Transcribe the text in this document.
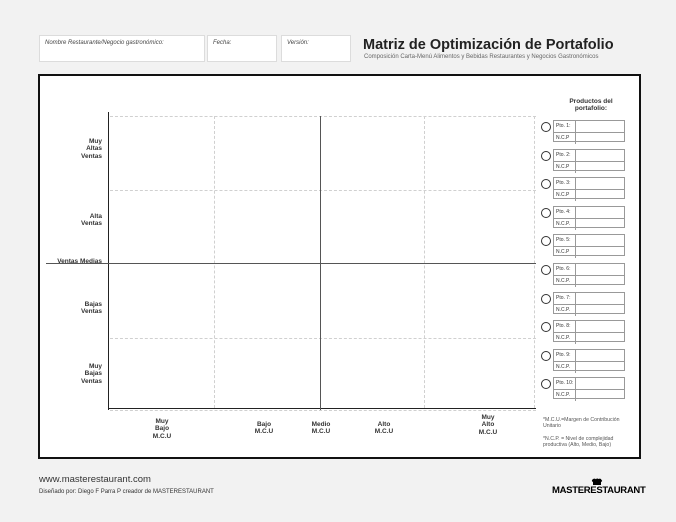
Nombre Restaurante/Negocio gastronómico:	Fecha:	Versión:	Matriz de Optimización de Portafolio
Composición Carta-Menú Alimentos y Bebidas Restaurantes y Negocios Gastronómicos
Muy
Altas
Ventas
Alta
Ventas
Ventas Medias
Bajas
Ventas
Muy
Bajas
Ventas
Muy
Bajo
M.C.U
Bajo
M.C.U
Medio
M.C.U
Alto
M.C.U
Muy
Alto
M.C.U
Productos del
portafolio:
Pto. 1:
N.C.P
Pto. 2:
N.C.P
Pto. 3:
N.C.P
Pto. 4:
N.C.P.
Pto. 5:
N.C.P
Pto. 6:
N.C.P.
Pto. 7:
N.C.P.
Pto. 8:
N.C.P.
Pto. 9:
N.C.P.
Pto. 10:
N.C.P.
*M.C.U.=Margen de Contribución Unitario
*N.C.P. = Nivel de complejidad productiva (Alto, Medio, Bajo)
www.masterestaurant.com
Diseñado por: Diego F Parra P creador de MASTERESTAURANT	MASTERESTAURANT
